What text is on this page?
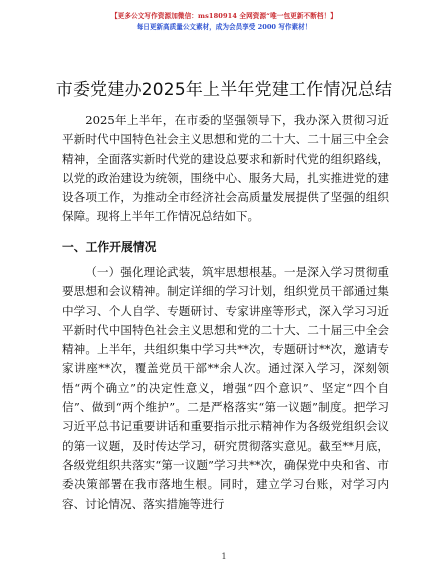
【更多公文写作资源加微信：ms180914 全网资源“唯一包更新不断档！】
每日更新高质量公文素材，成为会员享受 2000 写作素材！
市委党建办2025年上半年党建工作情况总结

2025年上半年，在市委的坚强领导下，我办深入贯彻习近平新时代中国特色社会主义思想和党的二十大、二十届三中全会精神，全面落实新时代党的建设总要求和新时代党的组织路线，以党的政治建设为统领，围绕中心、服务大局，扎实推进党的建设各项工作，为推动全市经济社会高质量发展提供了坚强的组织保障。现将上半年工作情况总结如下。

一、工作开展情况

（一）强化理论武装，筑牢思想根基。一是深入学习贯彻重要思想和会议精神。制定详细的学习计划，组织党员干部通过集中学习、个人自学、专题研讨、专家讲座等形式，深入学习习近平新时代中国特色社会主义思想和党的二十大、二十届三中全会精神。上半年，共组织集中学习共**次，专题研讨**次，邀请专家讲座**次，覆盖党员干部**余人次。通过深入学习，深刻领悟“两个确立”的决定性意义，增强“四个意识”、坚定“四个自信”、做到“两个维护”。二是严格落实“第一议题”制度。把学习习近平总书记重要讲话和重要指示批示精神作为各级党组织会议的第一议题，及时传达学习，研究贯彻落实意见。截至**月底，各级党组织共落实“第一议题”学习共**次，确保党中央和省、市委决策部署在我市落地生根。同时，建立学习台账，对学习内容、讨论情况、落实措施等进行

1
